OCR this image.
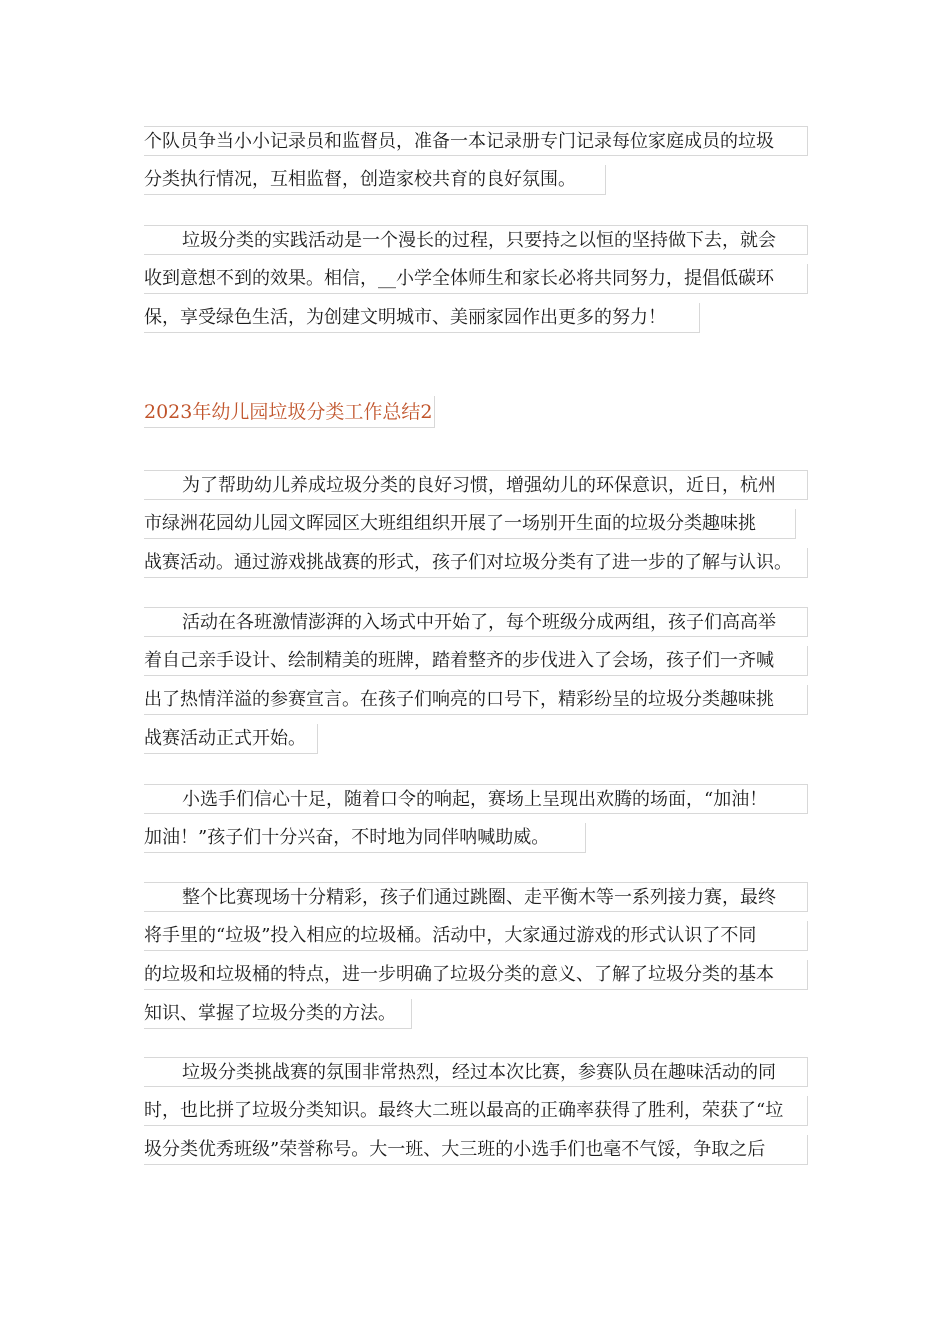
个队员争当小小记录员和监督员，准备一本记录册专门记录每位家庭成员的垃圾
分类执行情况，互相监督，创造家校共育的良好氛围。
垃圾分类的实践活动是一个漫长的过程，只要持之以恒的坚持做下去，就会
收到意想不到的效果。相信，__小学全体师生和家长必将共同努力，提倡低碳环
保，享受绿色生活，为创建文明城市、美丽家园作出更多的努力！
2023年幼儿园垃圾分类工作总结2
为了帮助幼儿养成垃圾分类的良好习惯，增强幼儿的环保意识，近日，杭州
市绿洲花园幼儿园文晖园区大班组组织开展了一场别开生面的垃圾分类趣味挑
战赛活动。通过游戏挑战赛的形式，孩子们对垃圾分类有了进一步的了解与认识。
活动在各班激情澎湃的入场式中开始了，每个班级分成两组，孩子们高高举
着自己亲手设计、绘制精美的班牌，踏着整齐的步伐进入了会场，孩子们一齐喊
出了热情洋溢的参赛宣言。在孩子们响亮的口号下，精彩纷呈的垃圾分类趣味挑
战赛活动正式开始。
小选手们信心十足，随着口令的响起，赛场上呈现出欢腾的场面，“加油！
加油！”孩子们十分兴奋，不时地为同伴呐喊助威。
整个比赛现场十分精彩，孩子们通过跳圈、走平衡木等一系列接力赛，最终
将手里的“垃圾”投入相应的垃圾桶。活动中，大家通过游戏的形式认识了不同
的垃圾和垃圾桶的特点，进一步明确了垃圾分类的意义、了解了垃圾分类的基本
知识、掌握了垃圾分类的方法。
垃圾分类挑战赛的氛围非常热烈，经过本次比赛，参赛队员在趣味活动的同
时，也比拼了垃圾分类知识。最终大二班以最高的正确率获得了胜利，荣获了“垃
圾分类优秀班级”荣誉称号。大一班、大三班的小选手们也毫不气馁，争取之后
